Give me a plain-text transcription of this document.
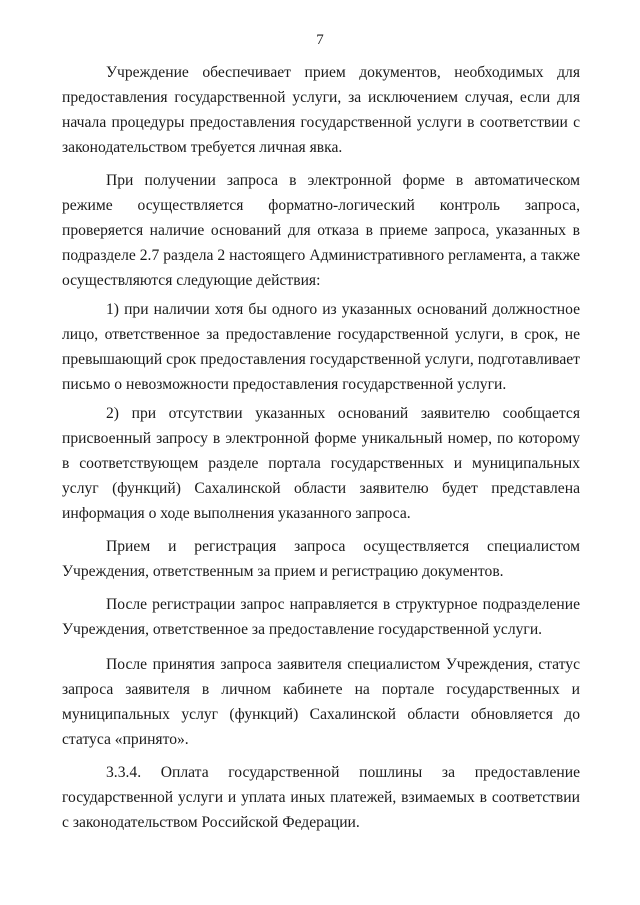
7

Учреждение обеспечивает прием документов, необходимых для предоставления государственной услуги, за исключением случая, если для начала процедуры предоставления государственной услуги в соответствии с законодательством требуется личная явка.

При получении запроса в электронной форме в автоматическом режиме осуществляется форматно-логический контроль запроса, проверяется наличие оснований для отказа в приеме запроса, указанных в подразделе 2.7 раздела 2 настоящего Административного регламента, а также осуществляются следующие действия:

1) при наличии хотя бы одного из указанных оснований должностное лицо, ответственное за предоставление государственной услуги, в срок, не превышающий срок предоставления государственной услуги, подготавливает письмо о невозможности предоставления государственной услуги.

2) при отсутствии указанных оснований заявителю сообщается присвоенный запросу в электронной форме уникальный номер, по которому в соответствующем разделе портала государственных и муниципальных услуг (функций) Сахалинской области заявителю будет представлена информация о ходе выполнения указанного запроса.

Прием и регистрация запроса осуществляется специалистом Учреждения, ответственным за прием и регистрацию документов.

После регистрации запрос направляется в структурное подразделение Учреждения, ответственное за предоставление государственной услуги.

После принятия запроса заявителя специалистом Учреждения, статус запроса заявителя в личном кабинете на портале государственных и муниципальных услуг (функций) Сахалинской области обновляется до статуса «принято».

3.3.4. Оплата государственной пошлины за предоставление государственной услуги и уплата иных платежей, взимаемых в соответствии с законодательством Российской Федерации.
